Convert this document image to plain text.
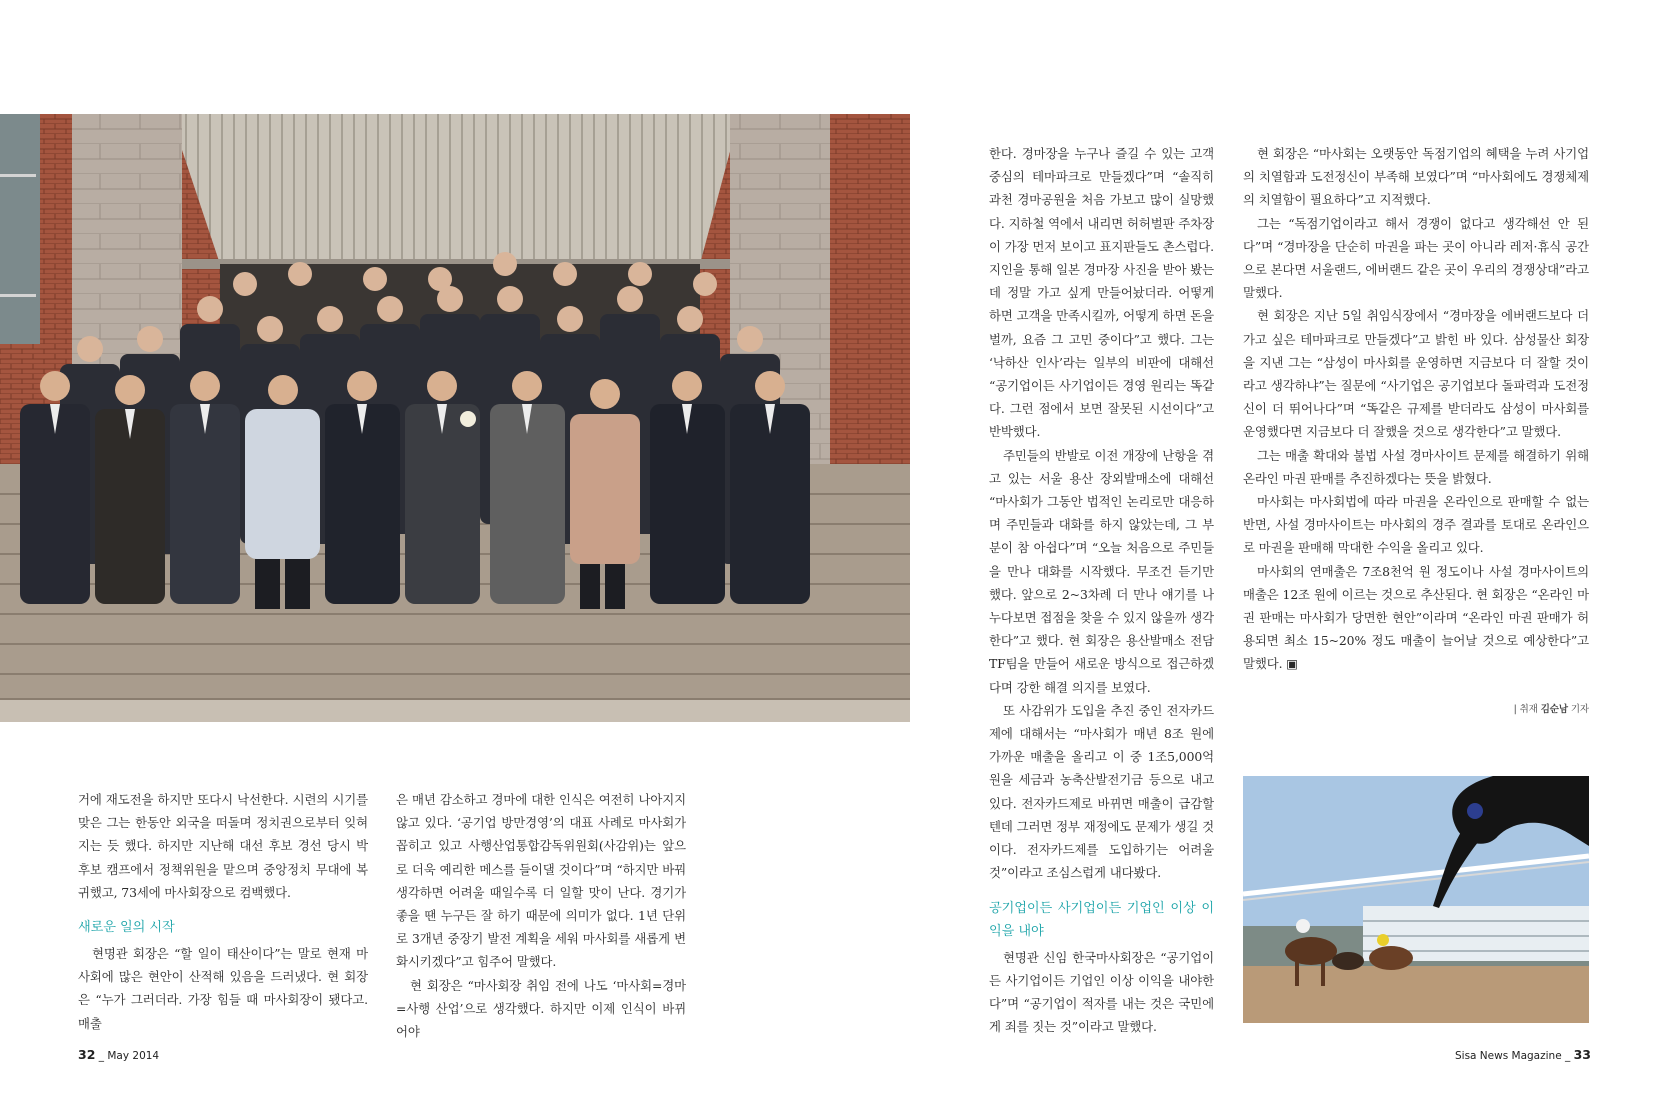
거에 재도전을 하지만 또다시 낙선한다. 시련의 시기를 맞은 그는 한동안 외국을 떠돌며 정치권으로부터 잊혀지는 듯 했다. 하지만 지난해 대선 후보 경선 당시 박 후보 캠프에서 정책위원을 맡으며 중앙정치 무대에 복귀했고, 73세에 마사회장으로 컴백했다.

새로운 일의 시작

현명관 회장은 “할 일이 태산이다”는 말로 현재 마사회에 많은 현안이 산적해 있음을 드러냈다. 현 회장은 “누가 그러더라. 가장 힘들 때 마사회장이 됐다고. 매출

은 매년 감소하고 경마에 대한 인식은 여전히 나아지지 않고 있다. ‘공기업 방만경영’의 대표 사례로 마사회가 꼽히고 있고 사행산업통합감독위원회(사감위)는 앞으로 더욱 예리한 메스를 들이댈 것이다”며 “하지만 바꿔 생각하면 어려울 때일수록 더 일할 맛이 난다. 경기가 좋을 땐 누구든 잘 하기 때문에 의미가 없다. 1년 단위로 3개년 중장기 발전 계획을 세워 마사회를 새롭게 변화시키겠다”고 힘주어 말했다.

현 회장은 “마사회장 취임 전에 나도 ‘마사회=경마=사행 산업’으로 생각했다. 하지만 이제 인식이 바뀌어야

한다. 경마장을 누구나 즐길 수 있는 고객 중심의 테마파크로 만들겠다”며 “솔직히 과천 경마공원을 처음 가보고 많이 실망했다. 지하철 역에서 내리면 허허벌판 주차장이 가장 먼저 보이고 표지판들도 촌스럽다. 지인을 통해 일본 경마장 사진을 받아 봤는데 정말 가고 싶게 만들어놨더라. 어떻게 하면 고객을 만족시킬까, 어떻게 하면 돈을 벌까, 요즘 그 고민 중이다”고 했다. 그는 ‘낙하산 인사’라는 일부의 비판에 대해선 “공기업이든 사기업이든 경영 원리는 똑같다. 그런 점에서 보면 잘못된 시선이다”고 반박했다.

주민들의 반발로 이전 개장에 난항을 겪고 있는 서울 용산 장외발매소에 대해선 “마사회가 그동안 법적인 논리로만 대응하며 주민들과 대화를 하지 않았는데, 그 부분이 참 아쉽다”며 “오늘 처음으로 주민들을 만나 대화를 시작했다. 무조건 듣기만 했다. 앞으로 2~3차례 더 만나 얘기를 나누다보면 접점을 찾을 수 있지 않을까 생각한다”고 했다. 현 회장은 용산발매소 전담 TF팀을 만들어 새로운 방식으로 접근하겠다며 강한 해결 의지를 보였다.

또 사감위가 도입을 추진 중인 전자카드제에 대해서는 “마사회가 매년 8조 원에 가까운 매출을 올리고 이 중 1조5,000억 원을 세금과 농축산발전기금 등으로 내고 있다. 전자카드제로 바뀌면 매출이 급감할 텐데 그러면 정부 재정에도 문제가 생길 것이다. 전자카드제를 도입하기는 어려울 것”이라고 조심스럽게 내다봤다.

공기업이든 사기업이든 기업인 이상 이익을 내야

현명관 신임 한국마사회장은 “공기업이든 사기업이든 기업인 이상 이익을 내야한다”며 “공기업이 적자를 내는 것은 국민에게 죄를 짓는 것”이라고 말했다.

현 회장은 “마사회는 오랫동안 독점기업의 혜택을 누려 사기업의 치열함과 도전정신이 부족해 보였다”며 “마사회에도 경쟁체제의 치열함이 필요하다”고 지적했다.

그는 “독점기업이라고 해서 경쟁이 없다고 생각해선 안 된다”며 “경마장을 단순히 마권을 파는 곳이 아니라 레저·휴식 공간으로 본다면 서울랜드, 에버랜드 같은 곳이 우리의 경쟁상대”라고 말했다.

현 회장은 지난 5일 취임식장에서 “경마장을 에버랜드보다 더 가고 싶은 테마파크로 만들겠다”고 밝힌 바 있다. 삼성물산 회장을 지낸 그는 “삼성이 마사회를 운영하면 지금보다 더 잘할 것이라고 생각하냐”는 질문에 “사기업은 공기업보다 돌파력과 도전정신이 더 뛰어나다”며 “똑같은 규제를 받더라도 삼성이 마사회를 운영했다면 지금보다 더 잘했을 것으로 생각한다”고 말했다.

그는 매출 확대와 불법 사설 경마사이트 문제를 해결하기 위해 온라인 마권 판매를 추진하겠다는 뜻을 밝혔다.

마사회는 마사회법에 따라 마권을 온라인으로 판매할 수 없는 반면, 사설 경마사이트는 마사회의 경주 결과를 토대로 온라인으로 마권을 판매해 막대한 수익을 올리고 있다.

마사회의 연매출은 7조8천억 원 정도이나 사설 경마사이트의 매출은 12조 원에 이르는 것으로 추산된다. 현 회장은 “온라인 마권 판매는 마사회가 당면한 현안”이라며 “온라인 마권 판매가 허용되면 최소 15~20% 정도 매출이 늘어날 것으로 예상한다”고 말했다. ▣

| 취재 김순남 기자
32 _ May 2014	Sisa News Magazine _ 33
